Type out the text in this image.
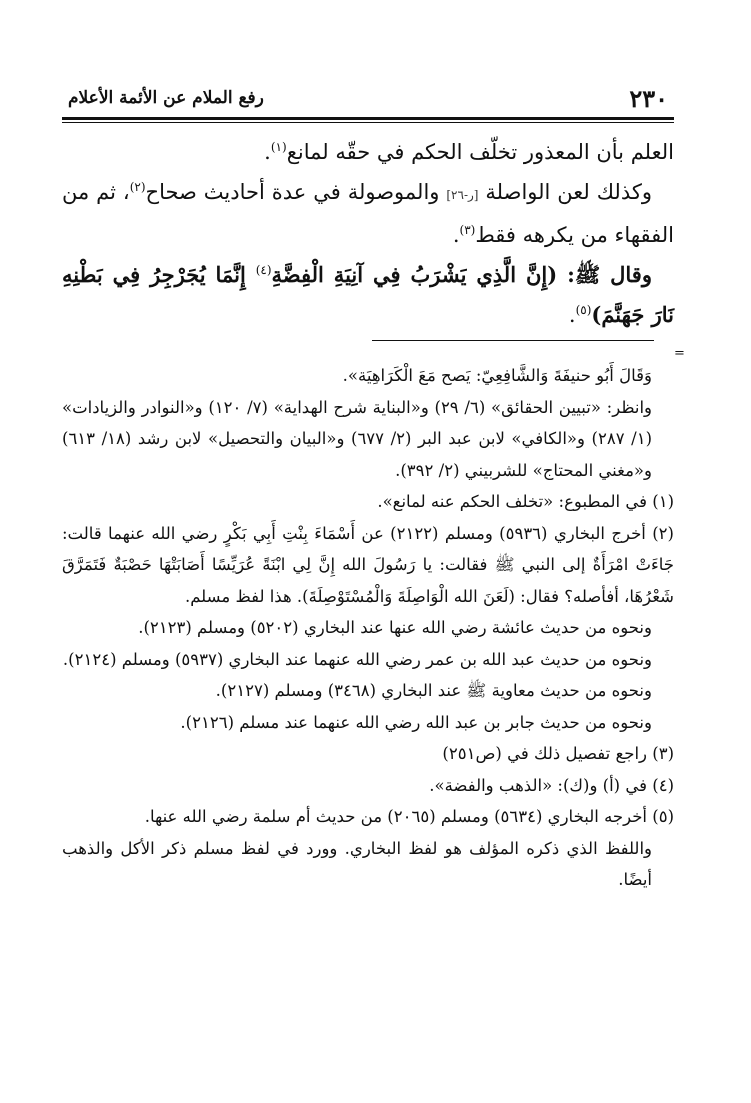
٢٣٠
رفع الملام عن الأئمة الأعلام

العلم بأن المعذور تخلّف الحكم في حقّه لمانع$^{(١)}$.

وكذلك لعن الواصلة [ر-٢٦] والموصولة في عدة أحاديث صحاح$^{(٢)}$، ثم من الفقهاء من يكرهه فقط$^{(٣)}$.

وقال ﷺ: (إِنَّ الَّذِي يَشْرَبُ فِي آنِيَةِ الْفِضَّةِ$^{(٤)}$ إِنَّمَا يُجَرْجِرُ فِي بَطْنِهِ نَارَ جَهَنَّمَ)$^{(٥)}$.

=

وَقَالَ أَبُو حنيفَةَ وَالشَّافِعِيّ: يَصح مَعَ الْكَرَاهِيَة».

وانظر: «تبيين الحقائق» (٦/ ٢٩) و«البناية شرح الهداية» (٧/ ١٢٠) و«النوادر والزيادات» (١/ ٢٨٧) و«الكافي» لابن عبد البر (٢/ ٦٧٧) و«البيان والتحصيل» لابن رشد (١٨/ ٦١٣) و«مغني المحتاج» للشربيني (٢/ ٣٩٢).

(١) في المطبوع: «تخلف الحكم عنه لمانع».

(٢) أخرج البخاري (٥٩٣٦) ومسلم (٢١٢٢) عن أَسْمَاءَ بِنْتِ أَبِي بَكْرٍ رضي الله عنهما قالت: جَاءَتْ امْرَأَةٌ إلى النبي ﷺ فقالت: يا رَسُولَ الله إِنَّ لِي ابْنَةً عُرَيِّسًا أَصَابَتْهَا حَصْبَةٌ فَتَمَرَّقَ شَعْرُهَا، أفأصله؟ فقال: (لَعَنَ الله الْوَاصِلَةَ وَالْمُسْتَوْصِلَةَ). هذا لفظ مسلم.

ونحوه من حديث عائشة رضي الله عنها عند البخاري (٥٢٠٢) ومسلم (٢١٢٣).

ونحوه من حديث عبد الله بن عمر رضي الله عنهما عند البخاري (٥٩٣٧) ومسلم (٢١٢٤).

ونحوه من حديث معاوية ﷺ عند البخاري (٣٤٦٨) ومسلم (٢١٢٧).

ونحوه من حديث جابر بن عبد الله رضي الله عنهما عند مسلم (٢١٢٦).

(٣) راجع تفصيل ذلك في (ص٢٥١)

(٤) في (أ) و(ك): «الذهب والفضة».

(٥) أخرجه البخاري (٥٦٣٤) ومسلم (٢٠٦٥) من حديث أم سلمة رضي الله عنها.

واللفظ الذي ذكره المؤلف هو لفظ البخاري. وورد في لفظ مسلم ذكر الأكل والذهب أيضًا.
